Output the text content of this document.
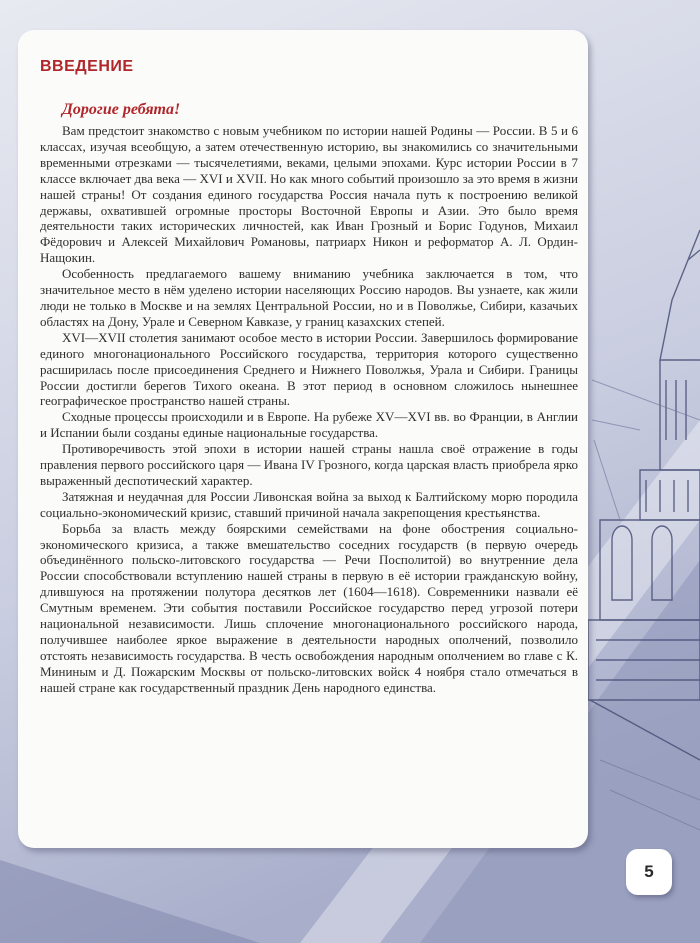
ВВЕДЕНИЕ
Дорогие ребята!

Вам предстоит знакомство с новым учебником по истории нашей Родины — России. В 5 и 6 классах, изучая всеобщую, а затем отечественную историю, вы знакомились со значительными временными отрезками — тысячелетиями, веками, целыми эпохами. Курс истории России в 7 классе включает два века — XVI и XVII. Но как много событий произошло за это время в жизни нашей страны! От создания единого государства Россия начала путь к построению великой державы, охватившей огромные просторы Восточной Европы и Азии. Это было время деятельности таких исторических личностей, как Иван Грозный и Борис Годунов, Михаил Фёдорович и Алексей Михайлович Романовы, патриарх Никон и реформатор А. Л. Ордин-Нащокин.

Особенность предлагаемого вашему вниманию учебника заключается в том, что значительное место в нём уделено истории населяющих Россию народов. Вы узнаете, как жили люди не только в Москве и на землях Центральной России, но и в Поволжье, Сибири, казачьих областях на Дону, Урале и Северном Кавказе, у границ казахских степей.

XVI—XVII столетия занимают особое место в истории России. Завершилось формирование единого многонационального Российского государства, территория которого существенно расширилась после присоединения Среднего и Нижнего Поволжья, Урала и Сибири. Границы России достигли берегов Тихого океана. В этот период в основном сложилось нынешнее географическое пространство нашей страны.

Сходные процессы происходили и в Европе. На рубеже XV—XVI вв. во Франции, в Англии и Испании были созданы единые национальные государства.

Противоречивость этой эпохи в истории нашей страны нашла своё отражение в годы правления первого российского царя — Ивана IV Грозного, когда царская власть приобрела ярко выраженный деспотический характер.

Затяжная и неудачная для России Ливонская война за выход к Балтийскому морю породила социально-экономический кризис, ставший причиной начала закрепощения крестьянства.

Борьба за власть между боярскими семействами на фоне обострения социально-экономического кризиса, а также вмешательство соседних государств (в первую очередь объединённого польско-литовского государства — Речи Посполитой) во внутренние дела России способствовали вступлению нашей страны в первую в её истории гражданскую войну, длившуюся на протяжении полутора десятков лет (1604—1618). Современники назвали её Смутным временем. Эти события поставили Российское государство перед угрозой потери национальной независимости. Лишь сплочение многонационального российского народа, получившее наиболее яркое выражение в деятельности народных ополчений, позволило отстоять независимость государства. В честь освобождения народным ополчением во главе с К. Мининым и Д. Пожарским Москвы от польско-литовских войск 4 ноября стало отмечаться в нашей стране как государственный праздник День народного единства.

5
